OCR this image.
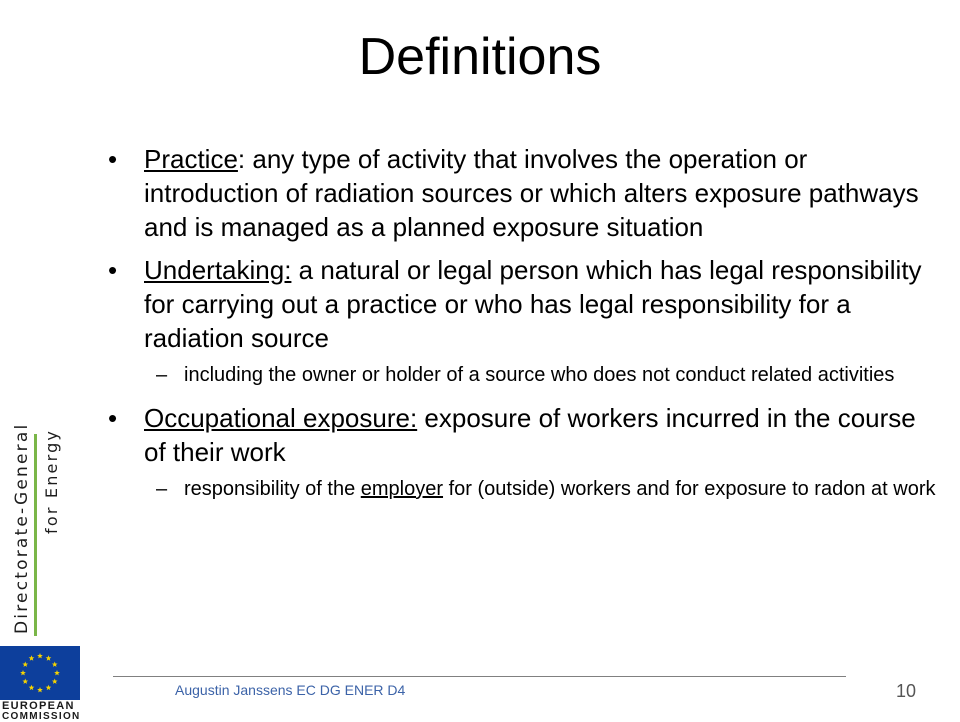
Definitions
• Practice: any type of activity that involves the operation or introduction of radiation sources or which alters exposure pathways and is managed as a planned exposure situation
• Undertaking: a natural or legal person which has legal responsibility for carrying out a practice or who has legal responsibility for a radiation source
– including the owner or holder of a source who does not conduct related activities
• Occupational exposure: exposure of workers incurred in the course of their work
– responsibility of the employer for (outside) workers and for exposure to radon at work
Directorate-General for Energy
EUROPEAN
COMMISSION
Augustin Janssens EC DG ENER D4	10
